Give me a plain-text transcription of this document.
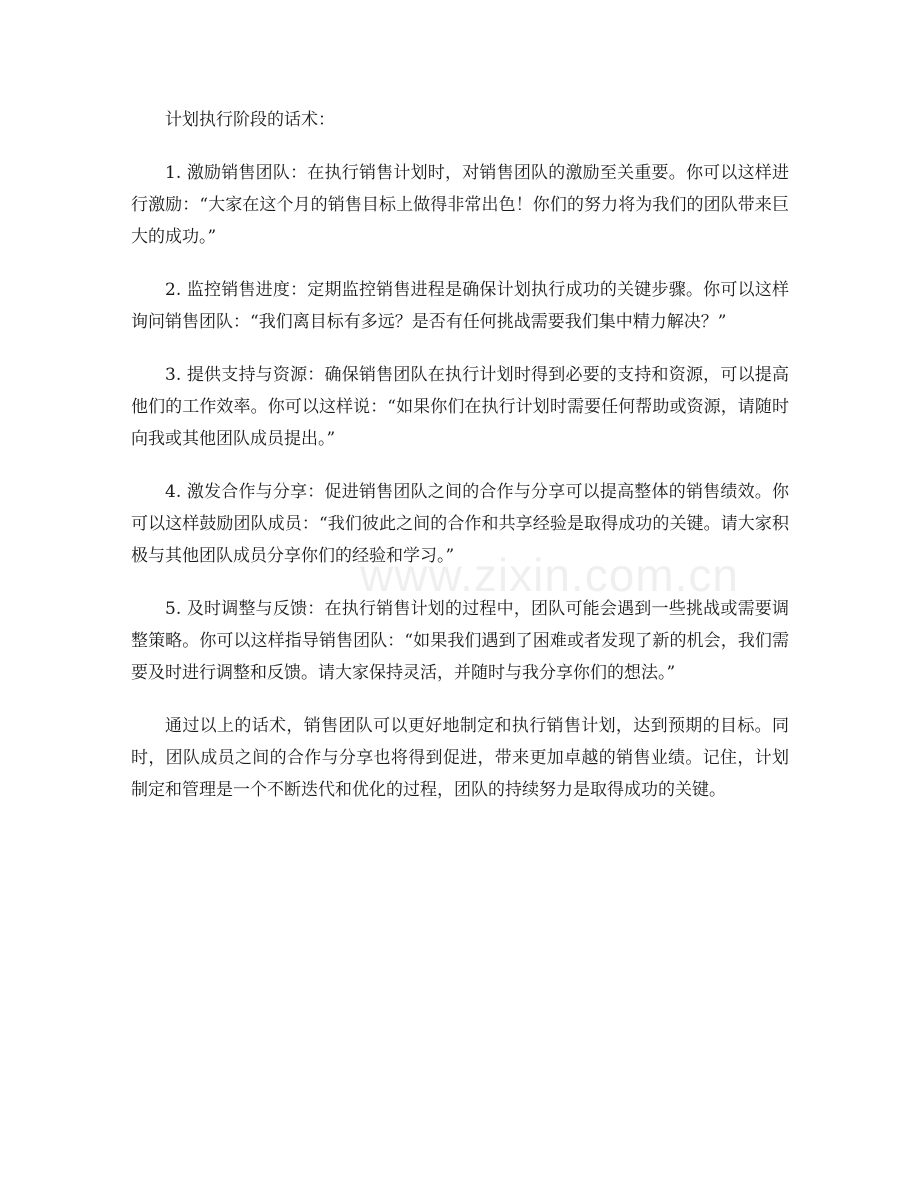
计划执行阶段的话术：

1. 激励销售团队：在执行销售计划时，对销售团队的激励至关重要。你可以这样进行激励：“大家在这个月的销售目标上做得非常出色！你们的努力将为我们的团队带来巨大的成功。”

2. 监控销售进度：定期监控销售进程是确保计划执行成功的关键步骤。你可以这样询问销售团队：“我们离目标有多远？是否有任何挑战需要我们集中精力解决？”

3. 提供支持与资源：确保销售团队在执行计划时得到必要的支持和资源，可以提高他们的工作效率。你可以这样说：“如果你们在执行计划时需要任何帮助或资源，请随时向我或其他团队成员提出。”

4. 激发合作与分享：促进销售团队之间的合作与分享可以提高整体的销售绩效。你可以这样鼓励团队成员：“我们彼此之间的合作和共享经验是取得成功的关键。请大家积极与其他团队成员分享你们的经验和学习。”

5. 及时调整与反馈：在执行销售计划的过程中，团队可能会遇到一些挑战或需要调整策略。你可以这样指导销售团队：“如果我们遇到了困难或者发现了新的机会，我们需要及时进行调整和反馈。请大家保持灵活，并随时与我分享你们的想法。”

通过以上的话术，销售团队可以更好地制定和执行销售计划，达到预期的目标。同时，团队成员之间的合作与分享也将得到促进，带来更加卓越的销售业绩。记住，计划制定和管理是一个不断迭代和优化的过程，团队的持续努力是取得成功的关键。

www.zixin.com.cn
